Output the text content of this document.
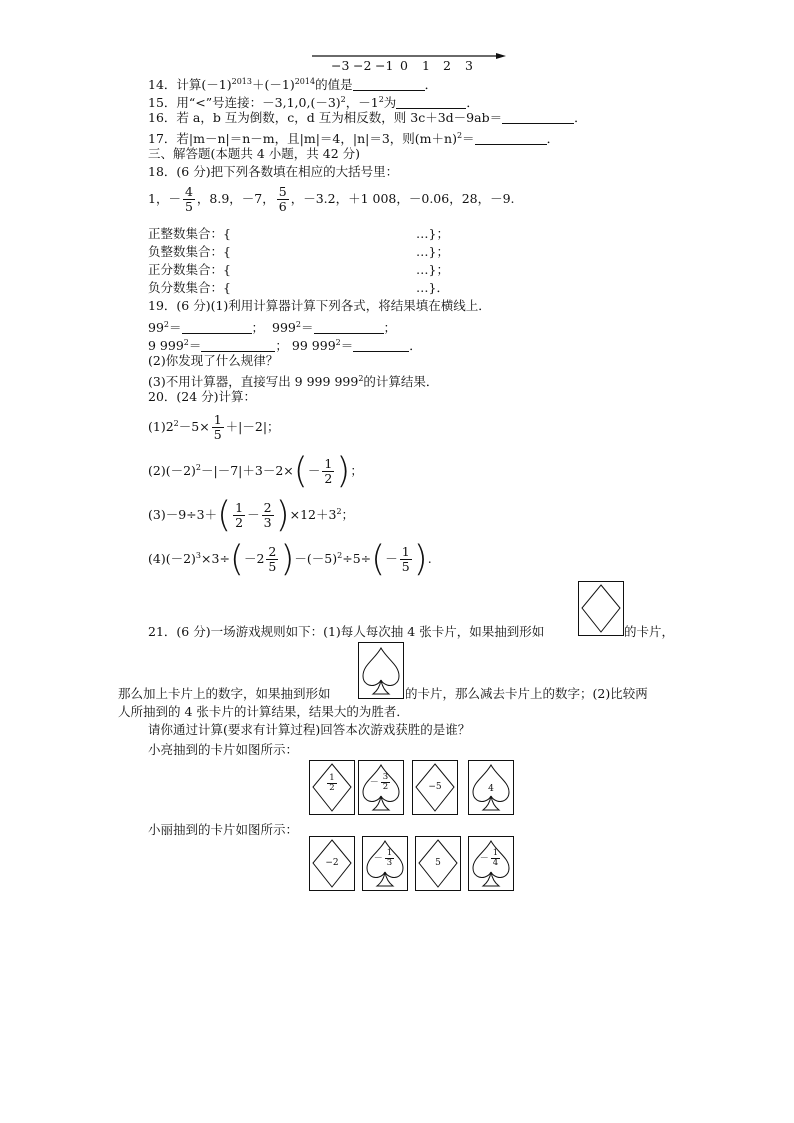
−3 −2 −1 0 1 2 3
14．计算$(-1)^{2013}+(-1)^{2014}$的值是	．
15．用“<”号连接：$-3,1,0,(-3)^2$，$-1^2$为	．
16．若 a，b 互为倒数，c，d 互为相反数，则 3c＋3d－9ab＝	．
17．若|m－n|＝n－m，且|m|＝4，|n|＝3，则$(m+n)^2=$	．
三、解答题(本题共 4 小题，共 42 分)
18．(6 分)把下列各数填在相应的大括号里：
1，－ $\frac{4}{5}$ ，8.9，－7， $\frac{5}{6}$ ，－3.2，＋1 008，－0.06，28，－9.
正整数集合：{	…}；
负整数集合：{	…}；
正分数集合：{	…}；
负分数集合：{	…}．
19．(6 分)(1)利用计算器计算下列各式，将结果填在横线上．
$99^2=$	； $999^2=$	；
9 $999^2=$	； 99 $999^2=$	．
(2)你发现了什么规律？
(3)不用计算器，直接写出 9 999 $999^2$的计算结果．
20．(24 分)计算：
$(1)2^2-5\times \frac{1}{5} +|-2|$；
$(2)(-2)^2-|-7|+3-2\times(- \frac{1}{2}$ )；
$(3)-9\div 3+( \frac{1}{2} - \frac{2}{3} )\times 12+3^2$；
$(4)(-2)^3\times 3\div(-2 \frac{2}{5} )-(-5)^2\div 5\div(- \frac{1}{5}$ ).
21．(6 分)一场游戏规则如下：(1)每人每次抽 4 张卡片，如果抽到形如	的卡片，
那么加上卡片上的数字，如果抽到形如	的卡片，那么减去卡片上的数字；(2)比较两
人所抽到的 4 张卡片的计算结果，结果大的为胜者．
请你通过计算(要求有计算过程)回答本次游戏获胜的是谁？
小亮抽到的卡片如图所示：
$\frac{1}{2}$	－ $\frac{3}{2}$	−5	4
小丽抽到的卡片如图所示：
−2	－ $\frac{1}{3}$	5	－ $\frac{1}{4}$
